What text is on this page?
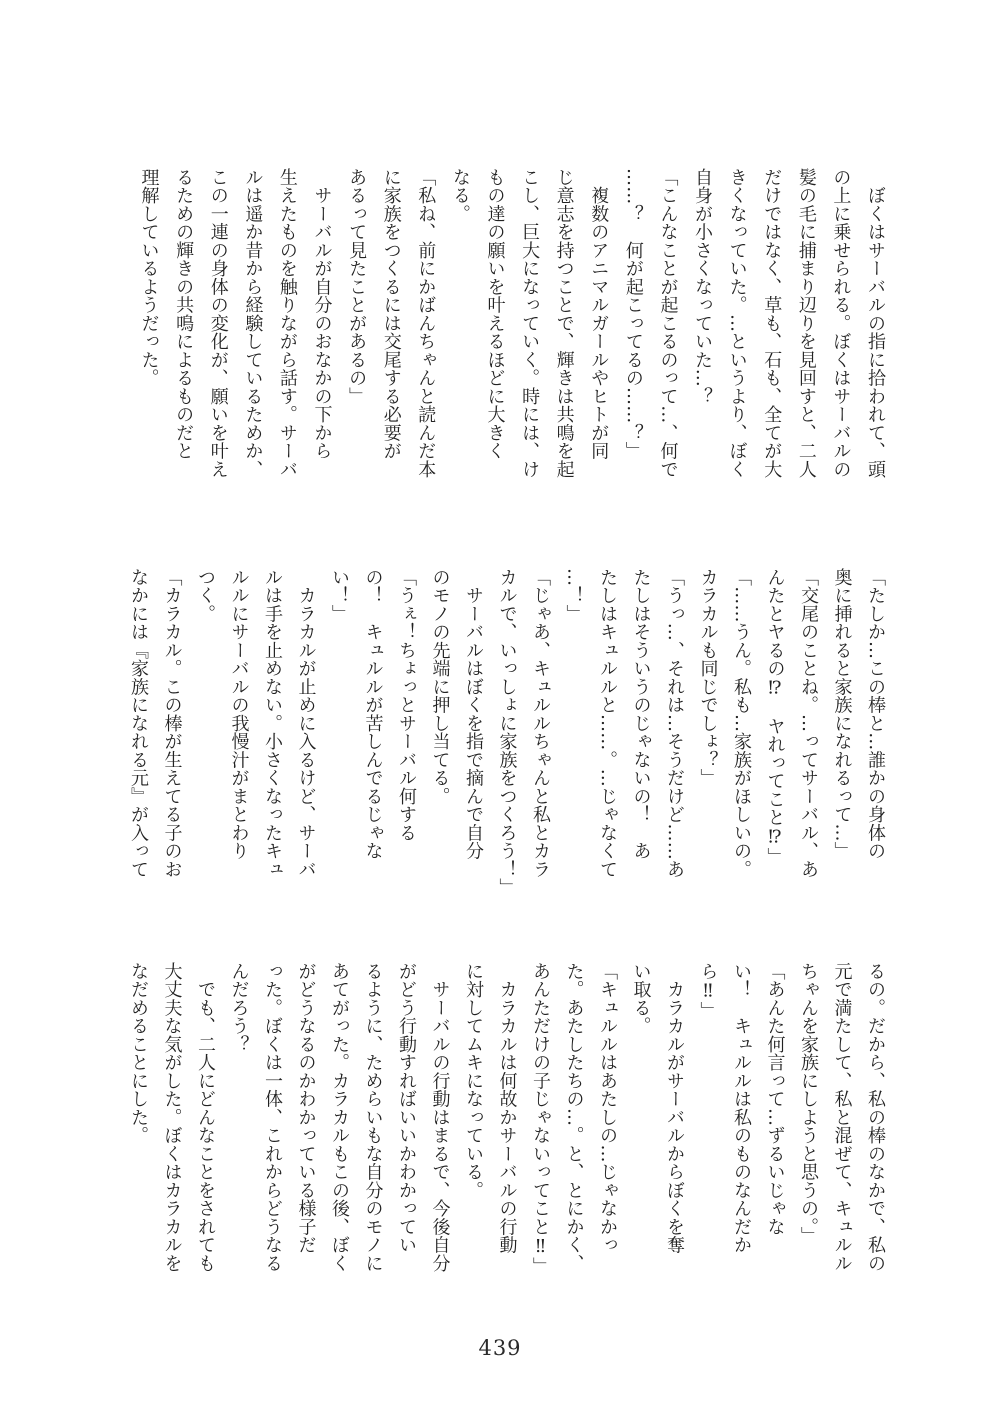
　ぼくはサーバルの指に拾われて、頭
の上に乗せられる。ぼくはサーバルの
髪の毛に捕まり辺りを見回すと、二人
だけではなく、草も、石も、全てが大
きくなっていた。…というより、ぼく
自身が小さくなっていた…？
「こんなことが起こるのって…、何で
……？　何が起こってるの……？」
　複数のアニマルガールやヒトが同
じ意志を持つことで、輝きは共鳴を起
こし、巨大になっていく。時には、け
もの達の願いを叶えるほどに大きく
なる。
「私ね、前にかばんちゃんと読んだ本
に家族をつくるには交尾する必要が
あるって見たことがあるの」
　サーバルが自分のおなかの下から
生えたものを触りながら話す。サーバ
ルは遥か昔から経験しているためか、
この一連の身体の変化が、願いを叶え
るための輝きの共鳴によるものだと
理解しているようだった。
「たしか…この棒と…誰かの身体の
奥に挿れると家族になれるって…」
「交尾のことね。…ってサーバル、あ
んたとヤるの⁉　ヤれってこと⁉」
「……うん。私も…家族がほしいの。
カラカルも同じでしょ？」
「うっ…、それは…そうだけど……あ
たしはそういうのじゃないの！　あ
たしはキュルルと……。…じゃなくて
…！」
「じゃあ、キュルルちゃんと私とカラ
カルで、いっしょに家族をつくろう！」
　サーバルはぼくを指で摘んで自分
のモノの先端に押し当てる。
「うぇ！ちょっとサーバル何する
の！　キュルルが苦しんでるじゃな
い！」
　カラカルが止めに入るけど、サーバ
ルは手を止めない。小さくなったキュ
ルルにサーバルの我慢汁がまとわり
つく。
「カラカル。この棒が生えてる子のお
なかには『家族になれる元』が入って
るの。だから、私の棒のなかで、私の
元で満たして、私と混ぜて、キュルル
ちゃんを家族にしようと思うの。」
「あんた何言って…ずるいじゃな
い！　キュルルは私のものなんだか
ら‼」
　カラカルがサーバルからぼくを奪
い取る。
「キュルルはあたしの…じゃなかっ
た。あたしたちの…。と、とにかく、
あんただけの子じゃないってこと‼」
　カラカルは何故かサーバルの行動
に対してムキになっている。
　サーバルの行動はまるで、今後自分
がどう行動すればいいかわかってい
るように、ためらいもな自分のモノに
あてがった。カラカルもこの後、ぼく
がどうなるのかわかっている様子だ
った。ぼくは一体、これからどうなる
んだろう？
　でも、二人にどんなことをされても
大丈夫な気がした。ぼくはカラカルを
なだめることにした。
439
